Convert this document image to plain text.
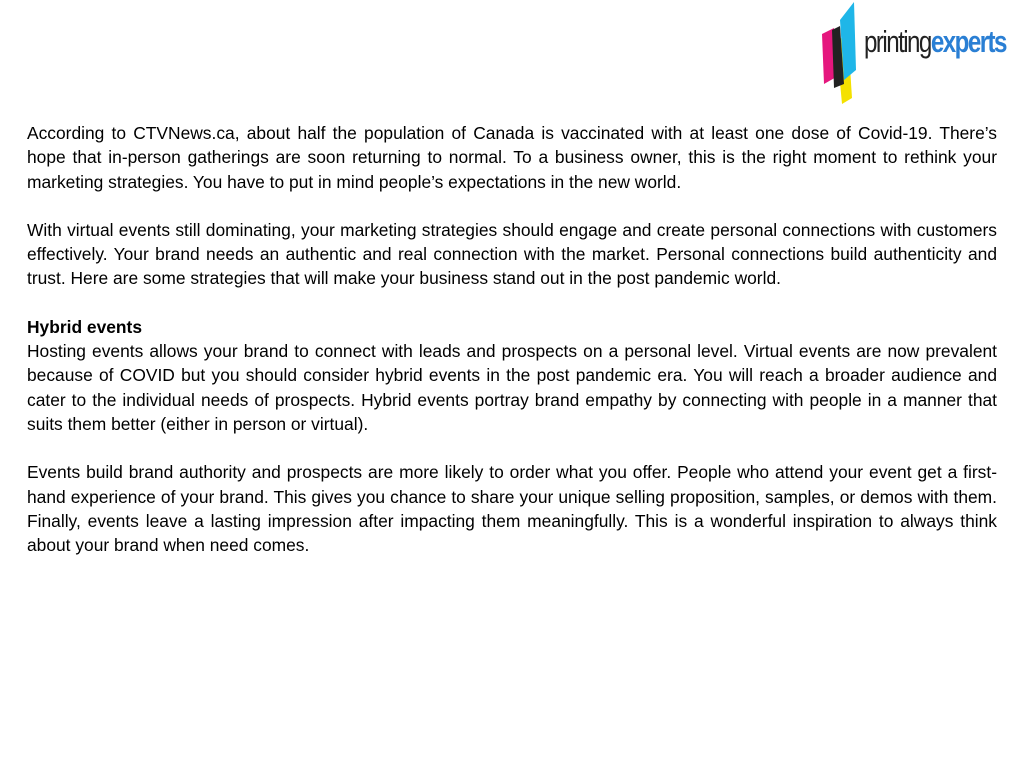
printingexperts

According to CTVNews.ca, about half the population of Canada is vaccinated with at least one dose of Covid-19. There’s hope that in-person gatherings are soon returning to normal. To a business owner, this is the right moment to rethink your marketing strategies. You have to put in mind people’s expectations in the new world.

With virtual events still dominating, your marketing strategies should engage and create personal connections with customers effectively. Your brand needs an authentic and real connection with the market. Personal connections build authenticity and trust. Here are some strategies that will make your business stand out in the post pandemic world.

Hybrid events

Hosting events allows your brand to connect with leads and prospects on a personal level. Virtual events are now prevalent because of COVID but you should consider hybrid events in the post pandemic era. You will reach a broader audience and cater to the individual needs of prospects. Hybrid events portray brand empathy by connecting with people in a manner that suits them better (either in person or virtual).

Events build brand authority and prospects are more likely to order what you offer. People who attend your event get a first-hand experience of your brand. This gives you chance to share your unique selling proposition, samples, or demos with them. Finally, events leave a lasting impression after impacting them meaningfully. This is a wonderful inspiration to always think about your brand when need comes.
